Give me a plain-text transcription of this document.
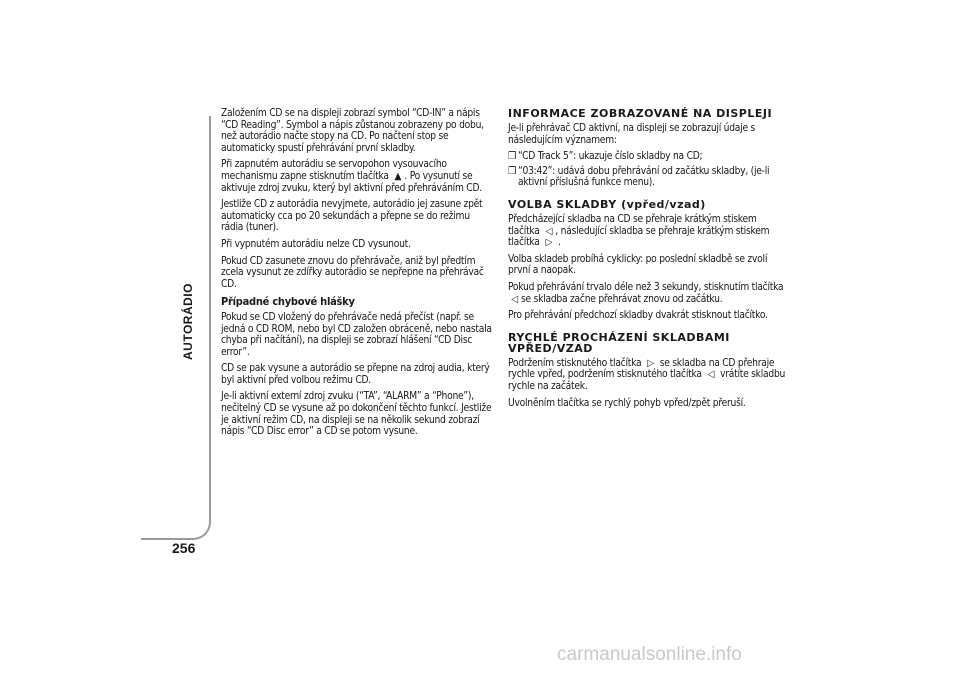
AUTORÁDIO
256

Založením CD se na displeji zobrazí symbol “CD-IN” a nápis “CD Reading”. Symbol a nápis zůstanou zobrazeny po dobu, než autorádio načte stopy na CD. Po načtení stop se automaticky spustí přehrávání první skladby.

Při zapnutém autorádiu se servopohon vysouvacího mechanismu zapne stisknutím tlačítka ▲ . Po vysunutí se aktivuje zdroj zvuku, který byl aktivní před přehráváním CD.

Jestliže CD z autorádia nevyjmete, autorádio jej zasune zpět automaticky cca po 20 sekundách a přepne se do režimu rádia (tuner).

Při vypnutém autorádiu nelze CD vysunout.

Pokud CD zasunete znovu do přehrávače, aniž byl předtím zcela vysunut ze zdířky autorádio se nepřepne na přehrávač CD.

Případné chybové hlášky

Pokud se CD vložený do přehrávače nedá přečíst (např. se jedná o CD ROM, nebo byl CD založen obráceně, nebo nastala chyba při načítání), na displeji se zobrazí hlášení “CD Disc error”.

CD se pak vysune a autorádio se přepne na zdroj audia, který byl aktivní před volbou režimu CD.

Je-li aktivní externí zdroj zvuku (“TA”, “ALARM” a “Phone”), nečitelný CD se vysune až po dokončení těchto funkcí. Jestliže je aktivní režim CD, na displeji se na několik sekund zobrazí nápis “CD Disc error” a CD se potom vysune.

INFORMACE ZOBRAZOVANÉ NA DISPLEJI

Je-li přehrávač CD aktivní, na displeji se zobrazují údaje s následujícím významem:

❒ “CD Track 5”: ukazuje číslo skladby na CD;
❒ “03:42”: udává dobu přehrávání od začátku skladby, (je-li aktivní příslušná funkce menu).
VOLBA SKLADBY (vpřed/vzad)

Předcházející skladba na CD se přehraje krátkým stiskem tlačítka ◁ , následující skladba se přehraje krátkým stiskem tlačítka ▷ .

Volba skladeb probíhá cyklicky: po poslední skladbě se zvolí první a naopak.

Pokud přehrávání trvalo déle než 3 sekundy, stisknutím tlačítka ◁ se skladba začne přehrávat znovu od začátku.

Pro přehrávání předchozí skladby dvakrát stisknout tlačítko.

RYCHLÉ PROCHÁZENÍ SKLADBAMI VPŘED/VZAD

Podržením stisknutého tlačítka ▷ se skladba na CD přehraje rychle vpřed, podržením stisknutého tlačítka ◁ vrátíte skladbu rychle na začátek.

Uvolněním tlačítka se rychlý pohyb vpřed/zpět přeruší.

carmanualsonline.info
